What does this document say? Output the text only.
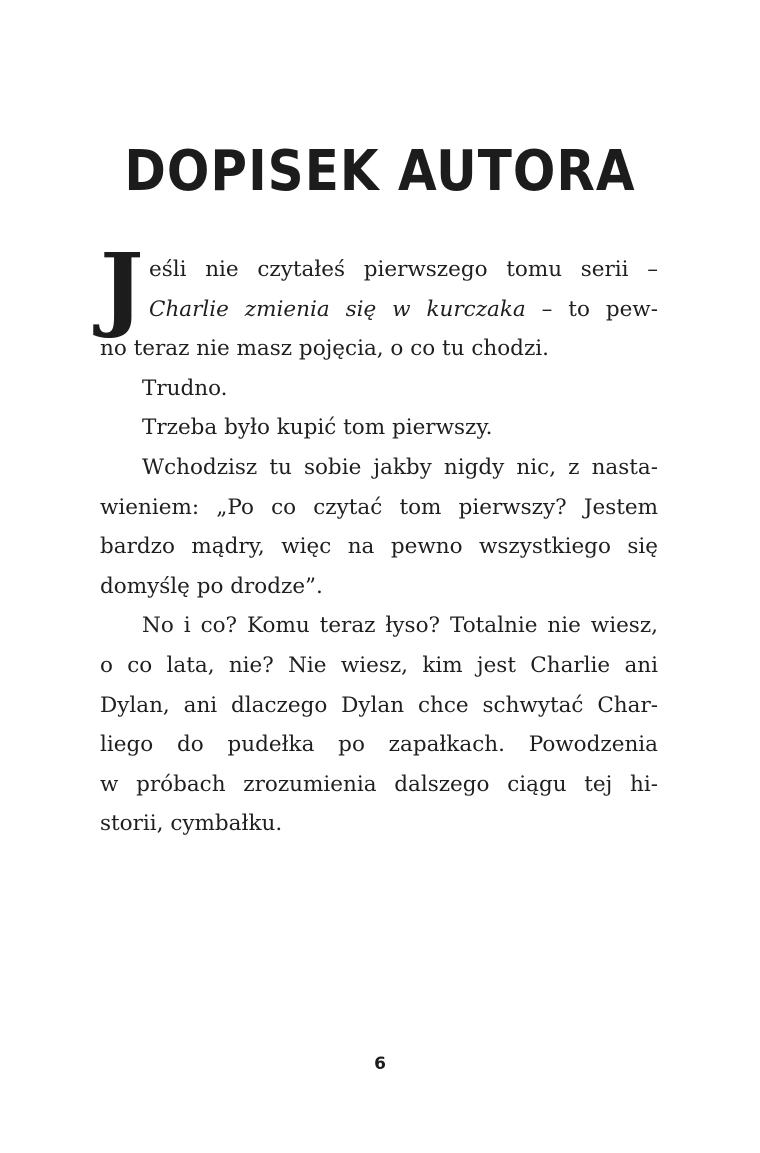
DOPISEK AUTORA
J eśli nie czytałeś pierwszego tomu serii –
Charlie zmienia się w kurczaka – to pew-
no teraz nie masz pojęcia, o co tu chodzi.
Trudno.
Trzeba było kupić tom pierwszy.
Wchodzisz tu sobie jakby nigdy nic, z nasta-
wieniem: „Po co czytać tom pierwszy? Jestem
bardzo mądry, więc na pewno wszystkiego się
domyślę po drodze”.
No i co? Komu teraz łyso? Totalnie nie wiesz,
o co lata, nie? Nie wiesz, kim jest Charlie ani
Dylan, ani dlaczego Dylan chce schwytać Char-
liego do pudełka po zapałkach. Powodzenia
w próbach zrozumienia dalszego ciągu tej hi-
storii, cymbałku.
6
